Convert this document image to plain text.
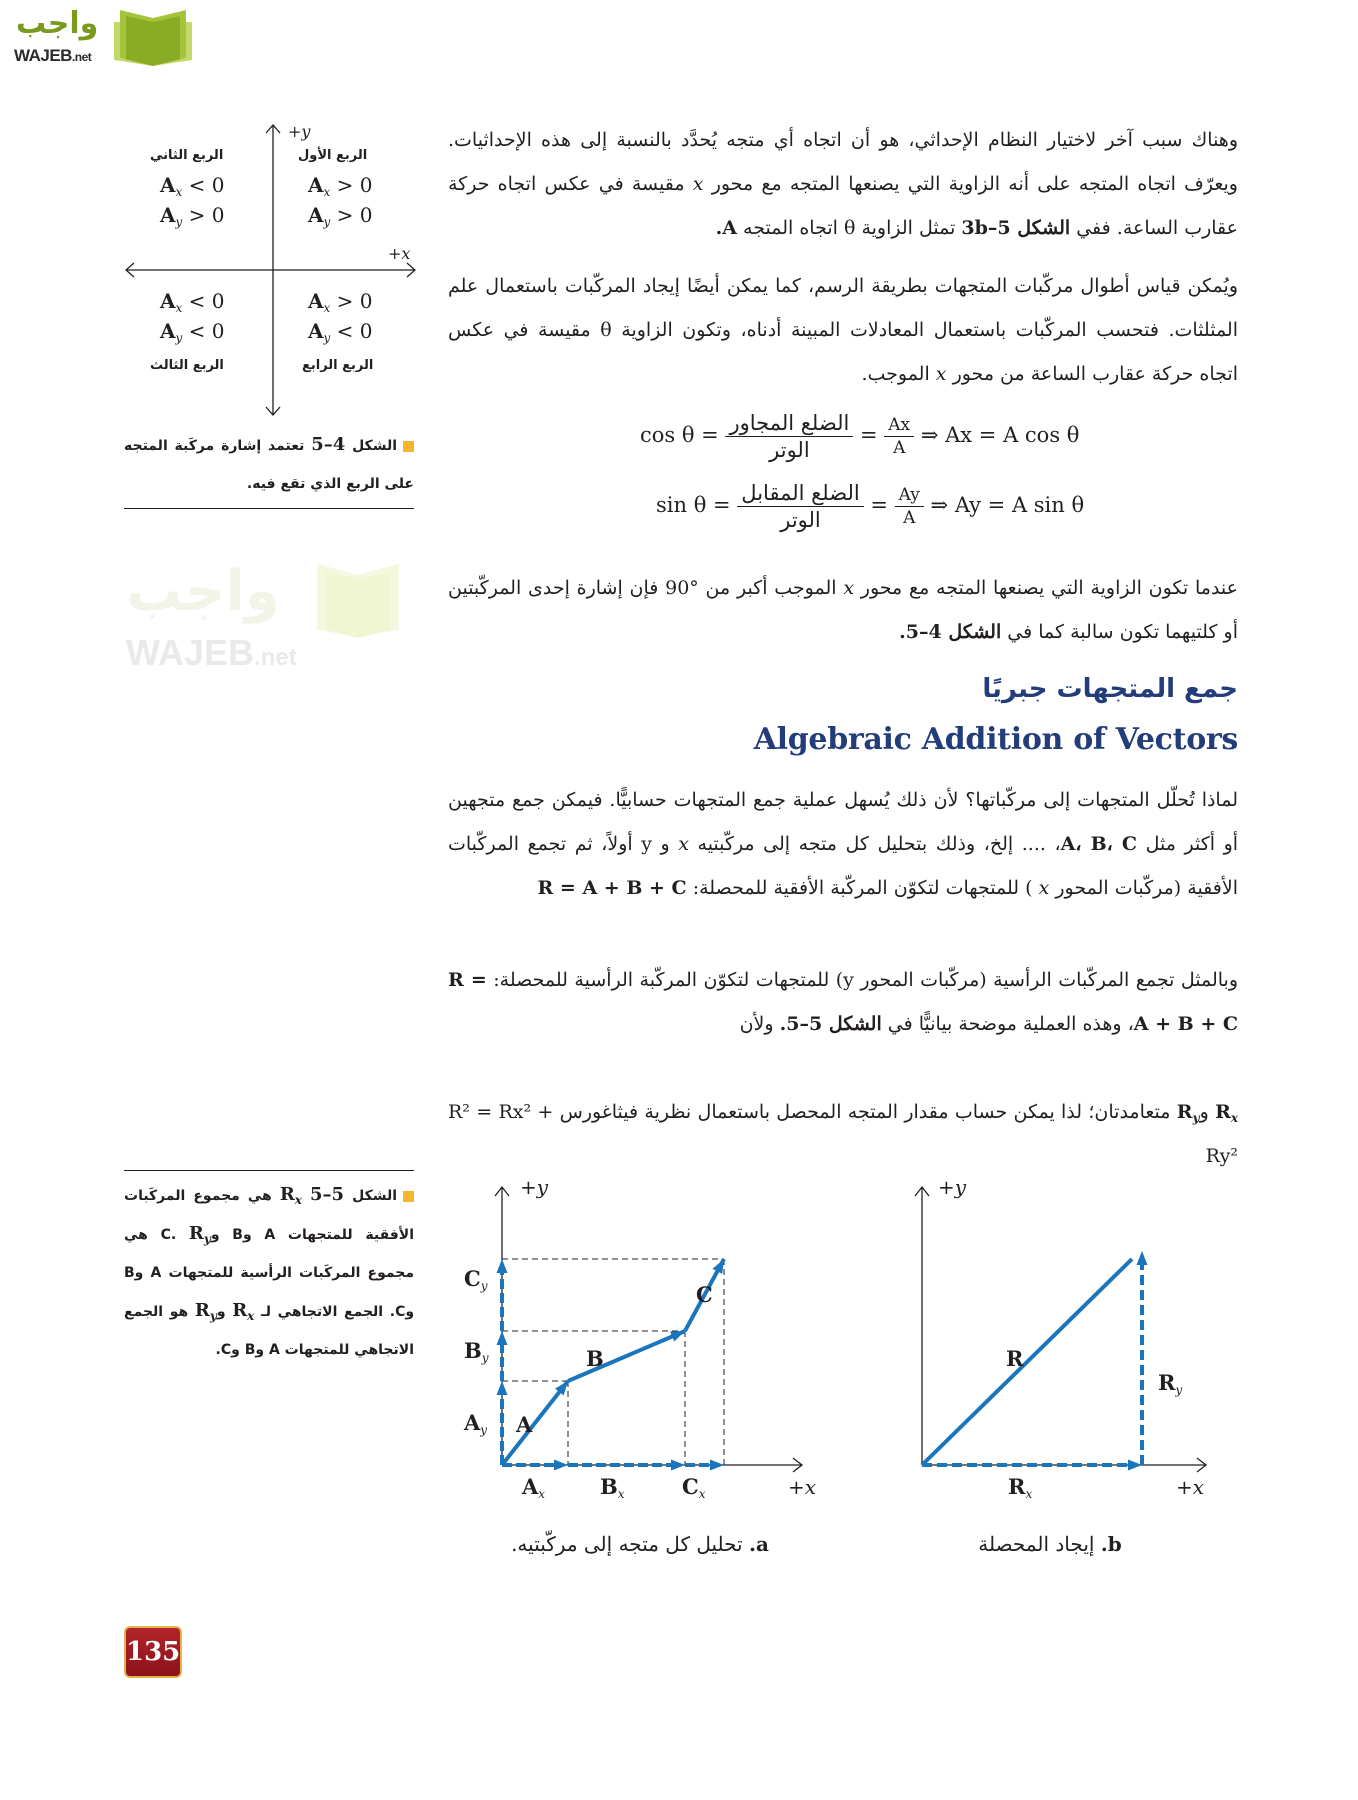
واجب
WAJEB.net
واجب
WAJEB.net
+y
+x
الربع الأول
$A_x > 0$
$A_y > 0$
الربع الثاني
$A_x < 0$
$A_y > 0$
$A_x < 0$
$A_y < 0$
الربع الثالث
$A_x > 0$
$A_y < 0$
الربع الرابع
الشكل 4–5 تعتمد إشارة مركَبة المتجه على الربع الذي تقع فيه.
وهناك سبب آخر لاختيار النظام الإحداثي، هو أن اتجاه أي متجه يُحدَّد بالنسبة إلى هذه الإحداثيات. ويعرّف اتجاه المتجه على أنه الزاوية التي يصنعها المتجه مع محور x مقيسة في عكس اتجاه حركة عقارب الساعة. ففي الشكل 3b–5 تمثل الزاوية θ اتجاه المتجه A.
ويُمكن قياس أطوال مركّبات المتجهات بطريقة الرسم، كما يمكن أيضًا إيجاد المركّبات باستعمال علم المثلثات. فتحسب المركّبات باستعمال المعادلات المبينة أدناه، وتكون الزاوية θ مقيسة في عكس اتجاه حركة عقارب الساعة من محور x الموجب.
$\cos \theta = \frac{\text{الضلع المجاور}}{\text{الوتر}} = \frac{Ax}{A}$ ⇒ Ax = A cos θ
$\sin \theta = \frac{\text{الضلع المقابل}}{\text{الوتر}} = \frac{Ay}{A}$ ⇒ Ay = A sin θ
عندما تكون الزاوية التي يصنعها المتجه مع محور x الموجب أكبر من °90 فإن إشارة إحدى المركّبتين أو كلتيهما تكون سالبة كما في الشكل 4–5.
جمع المتجهات جبريًا
Algebraic Addition of Vectors
لماذا تُحلّل المتجهات إلى مركّباتها؟ لأن ذلك يُسهل عملية جمع المتجهات حسابيًّا. فيمكن جمع متجهين أو أكثر مثل A، B، C، .... إلخ، وذلك بتحليل كل متجه إلى مركّبتيه x و y أولاً، ثم تجمع المركّبات الأفقية (مركّبات المحور x ) للمتجهات لتكوّن المركّبة الأفقية للمحصلة: R = A + B + C
وبالمثل تجمع المركّبات الرأسية (مركّبات المحور y) للمتجهات لتكوّن المركّبة الرأسية للمحصلة: R = A + B + C، وهذه العملية موضحة بيانيًّا في الشكل 5–5. ولأن
$R_x$ وR$_y$ متعامدتان؛ لذا يمكن حساب مقدار المتجه المحصل باستعمال نظرية فيثاغورس R² = Rx² + Ry²
الشكل 5–5 $R_x$ هي مجموع المركَبات الأفقية للمتجهات A وB وC. $R_y$ هي مجموع المركَبات الرأسية للمتجهات A وB وC. الجمع الاتجاهي لـ $R_x$ وR$_y$ هو الجمع الاتجاهي للمتجهات A وB وC.
+y
+x
A
B
C
$A_x$	$B_x$	$C_x$
$A_y$
$B_y$
$C_y$
a. تحليل كل متجه إلى مركّبتيه.
+y
+x
R
$R_x$
$R_y$
b. إيجاد المحصلة
135
